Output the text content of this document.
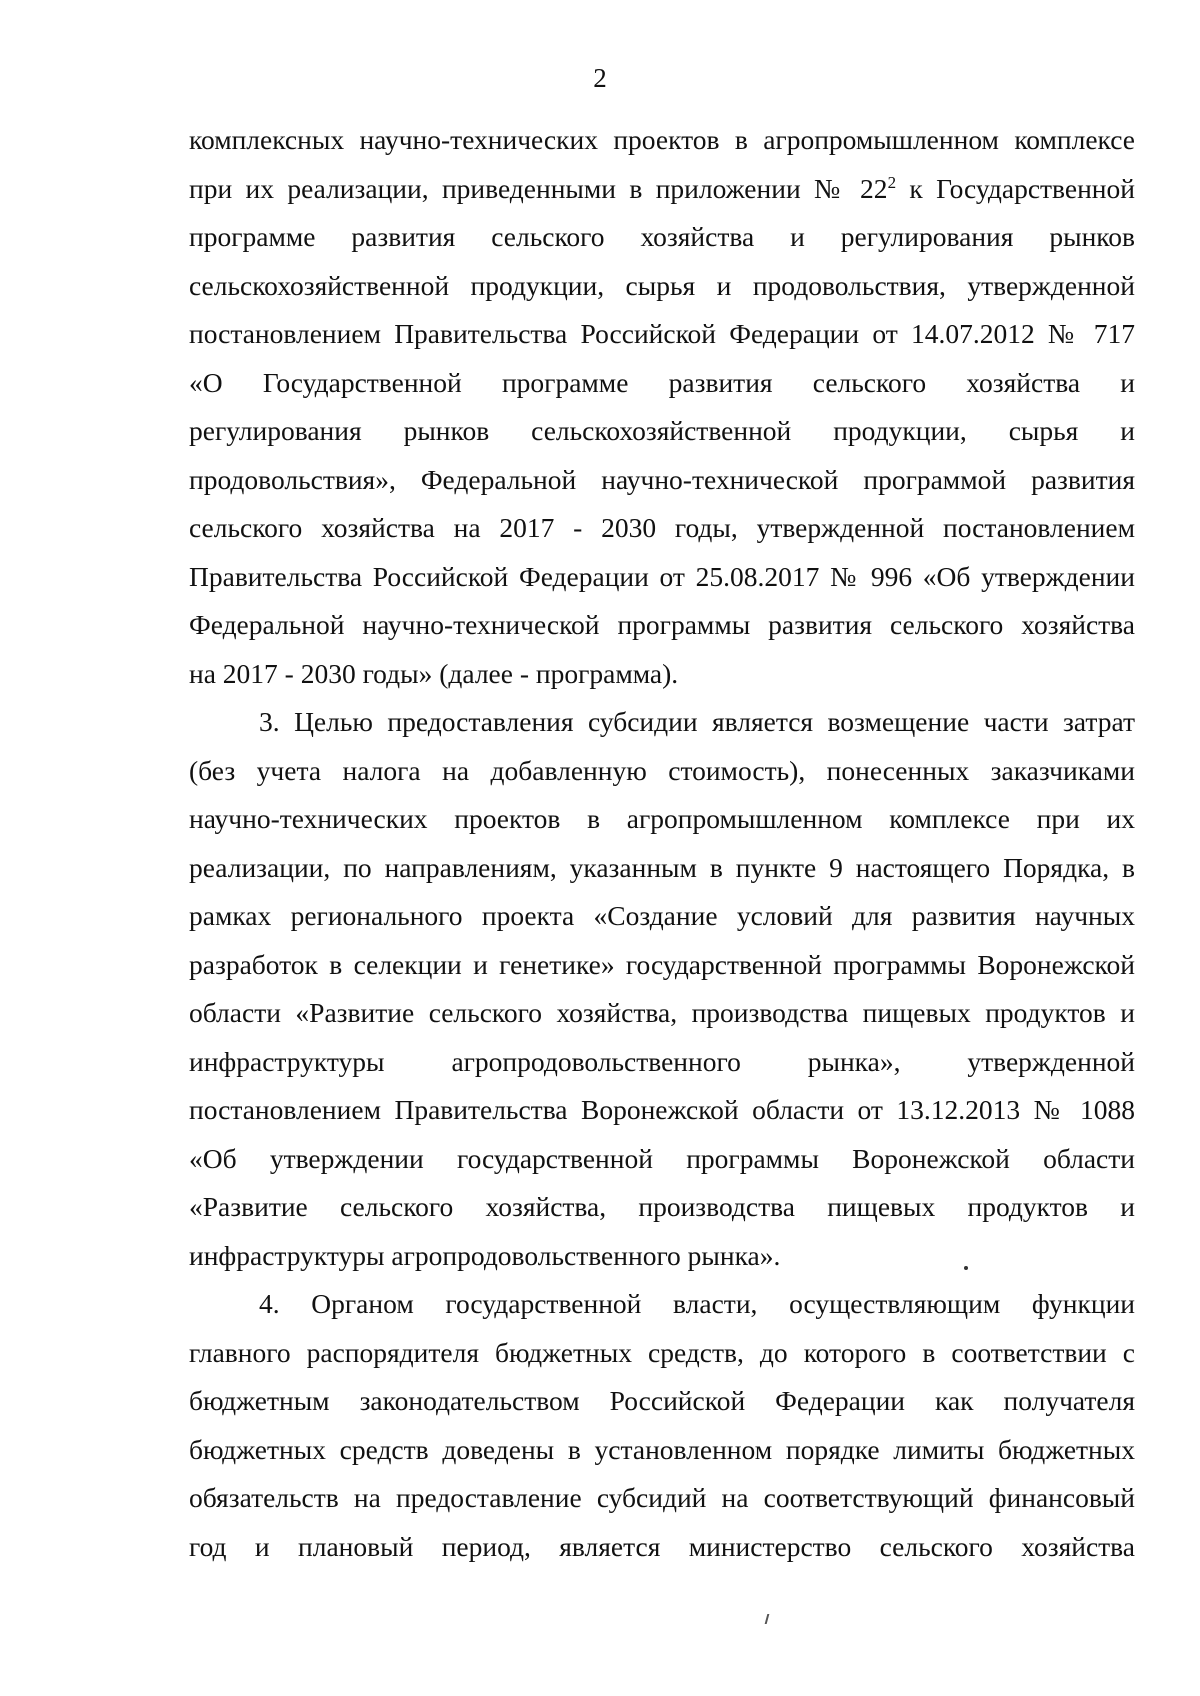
2

комплексных научно-технических проектов в агропромышленном комплексе

при их реализации, приведенными в приложении № $22^2$ к Государственной

программе развития сельского хозяйства и регулирования рынков

сельскохозяйственной продукции, сырья и продовольствия, утвержденной

постановлением Правительства Российской Федерации от 14.07.2012 № 717

«О Государственной программе развития сельского хозяйства и

регулирования рынков сельскохозяйственной продукции, сырья и

продовольствия», Федеральной научно-технической программой развития

сельского хозяйства на 2017 - 2030 годы, утвержденной постановлением

Правительства Российской Федерации от 25.08.2017 № 996 «Об утверждении

Федеральной научно-технической программы развития сельского хозяйства

на 2017 - 2030 годы» (далее - программа).

3. Целью предоставления субсидии является возмещение части затрат

(без учета налога на добавленную стоимость), понесенных заказчиками

научно-технических проектов в агропромышленном комплексе при их

реализации, по направлениям, указанным в пункте 9 настоящего Порядка, в

рамках регионального проекта «Создание условий для развития научных

разработок в селекции и генетике» государственной программы Воронежской

области «Развитие сельского хозяйства, производства пищевых продуктов и

инфраструктуры агропродовольственного рынка», утвержденной

постановлением Правительства Воронежской области от 13.12.2013 № 1088

«Об утверждении государственной программы Воронежской области

«Развитие сельского хозяйства, производства пищевых продуктов и

инфраструктуры агропродовольственного рынка».

4. Органом государственной власти, осуществляющим функции

главного распорядителя бюджетных средств, до которого в соответствии с

бюджетным законодательством Российской Федерации как получателя

бюджетных средств доведены в установленном порядке лимиты бюджетных

обязательств на предоставление субсидий на соответствующий финансовый

год и плановый период, является министерство сельского хозяйства
